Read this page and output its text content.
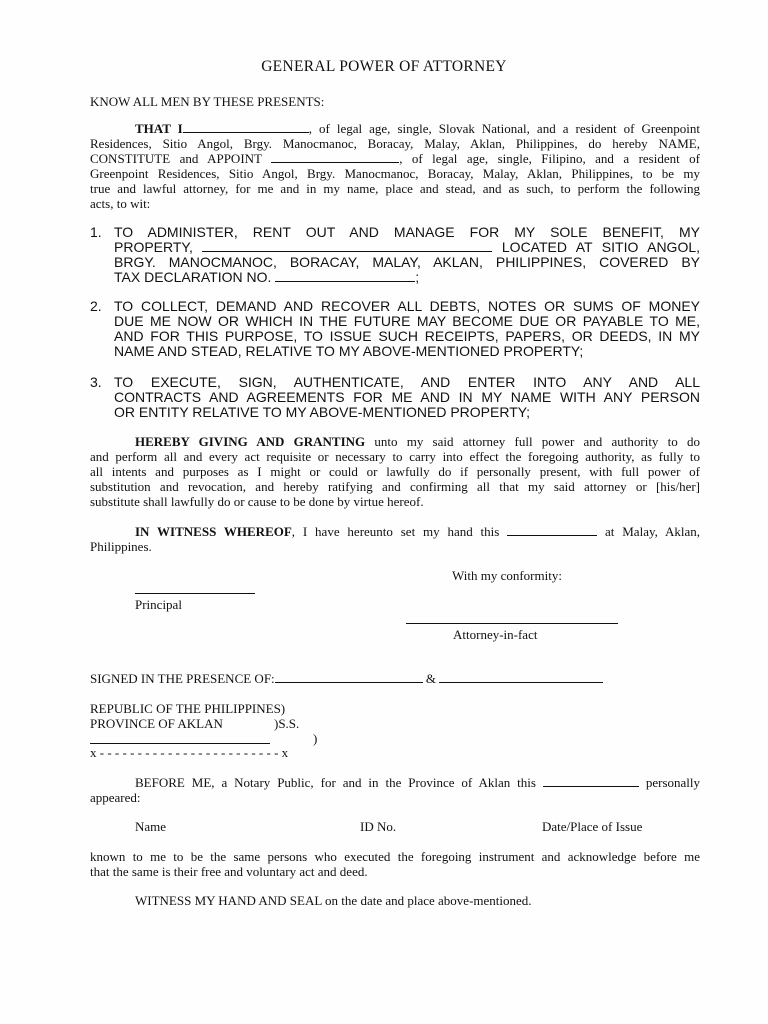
GENERAL POWER OF ATTORNEY
KNOW ALL MEN BY THESE PRESENTS:
THAT I	, of legal age, single, Slovak National, and a resident of Greenpoint
Residences, Sitio Angol, Brgy. Manocmanoc, Boracay, Malay, Aklan, Philippines, do hereby NAME,
CONSTITUTE and APPOINT	, of legal age, single, Filipino, and a resident of
Greenpoint Residences, Sitio Angol, Brgy. Manocmanoc, Boracay, Malay, Aklan, Philippines, to be my
true and lawful attorney, for me and in my name, place and stead, and as such, to perform the following
acts, to wit:
1. TO ADMINISTER, RENT OUT AND MANAGE FOR MY SOLE BENEFIT, MY
PROPERTY,	LOCATED AT SITIO ANGOL,
BRGY. MANOCMANOC, BORACAY, MALAY, AKLAN, PHILIPPINES, COVERED BY
TAX DECLARATION NO.	;
2. TO COLLECT, DEMAND AND RECOVER ALL DEBTS, NOTES OR SUMS OF MONEY
DUE ME NOW OR WHICH IN THE FUTURE MAY BECOME DUE OR PAYABLE TO ME,
AND FOR THIS PURPOSE, TO ISSUE SUCH RECEIPTS, PAPERS, OR DEEDS, IN MY
NAME AND STEAD, RELATIVE TO MY ABOVE-MENTIONED PROPERTY;
3. TO EXECUTE, SIGN, AUTHENTICATE, AND ENTER INTO ANY AND ALL
CONTRACTS AND AGREEMENTS FOR ME AND IN MY NAME WITH ANY PERSON
OR ENTITY RELATIVE TO MY ABOVE-MENTIONED PROPERTY;
HEREBY GIVING AND GRANTING unto my said attorney full power and authority to do
and perform all and every act requisite or necessary to carry into effect the foregoing authority, as fully to
all intents and purposes as I might or could or lawfully do if personally present, with full power of
substitution and revocation, and hereby ratifying and confirming all that my said attorney or [his/her]
substitute shall lawfully do or cause to be done by virtue hereof.
IN WITNESS WHEREOF, I have hereunto set my hand this	at Malay, Aklan,
Philippines.
With my conformity:
Principal
Attorney-in-fact
SIGNED IN THE PRESENCE OF:	&
REPUBLIC OF THE PHILIPPINES)
PROVINCE OF AKLAN	)S.S.
)
x - - - - - - - - - - - - - - - - - - - - - - - - x
BEFORE ME, a Notary Public, for and in the Province of Aklan this	personally
appeared:
Name	ID No.	Date/Place of Issue
known to me to be the same persons who executed the foregoing instrument and acknowledge before me
that the same is their free and voluntary act and deed.
WITNESS MY HAND AND SEAL on the date and place above-mentioned.
